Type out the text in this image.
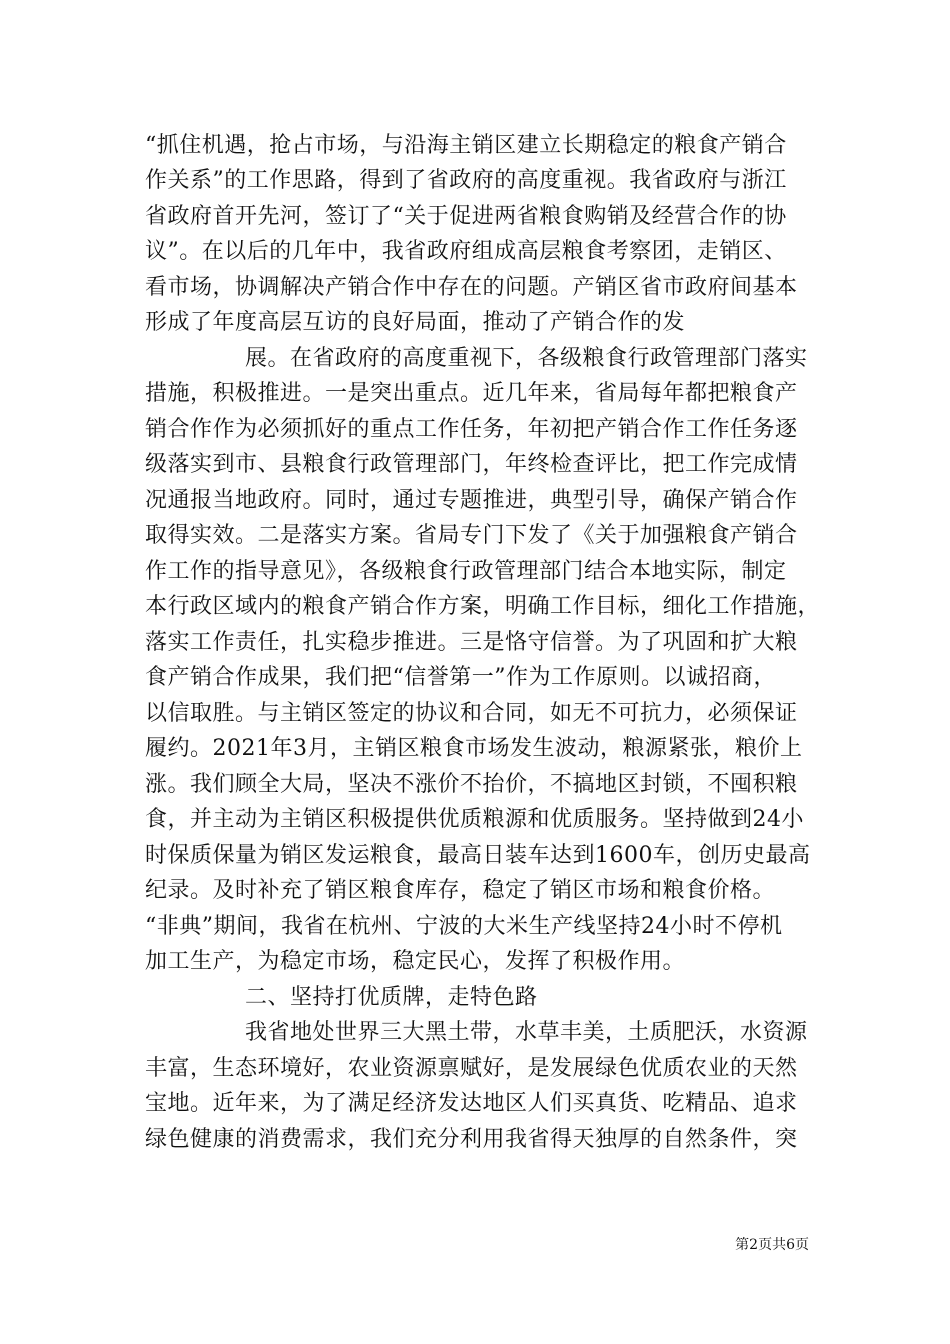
“抓住机遇，抢占市场，与沿海主销区建立长期稳定的粮食产销合
作关系”的工作思路，得到了省政府的高度重视。我省政府与浙江
省政府首开先河，签订了“关于促进两省粮食购销及经营合作的协
议”。在以后的几年中，我省政府组成高层粮食考察团，走销区、
看市场，协调解决产销合作中存在的问题。产销区省市政府间基本
形成了年度高层互访的良好局面，推动了产销合作的发
展。在省政府的高度重视下，各级粮食行政管理部门落实
措施，积极推进。一是突出重点。近几年来，省局每年都把粮食产
销合作作为必须抓好的重点工作任务，年初把产销合作工作任务逐
级落实到市、县粮食行政管理部门，年终检查评比，把工作完成情
况通报当地政府。同时，通过专题推进，典型引导，确保产销合作
取得实效。二是落实方案。省局专门下发了《关于加强粮食产销合
作工作的指导意见》，各级粮食行政管理部门结合本地实际，制定
本行政区域内的粮食产销合作方案，明确工作目标，细化工作措施，
落实工作责任，扎实稳步推进。三是恪守信誉。为了巩固和扩大粮
食产销合作成果，我们把“信誉第一”作为工作原则。以诚招商，
以信取胜。与主销区签定的协议和合同，如无不可抗力，必须保证
履约。2021年3月，主销区粮食市场发生波动，粮源紧张，粮价上
涨。我们顾全大局，坚决不涨价不抬价，不搞地区封锁，不囤积粮
食，并主动为主销区积极提供优质粮源和优质服务。坚持做到24小
时保质保量为销区发运粮食，最高日装车达到1600车，创历史最高
纪录。及时补充了销区粮食库存，稳定了销区市场和粮食价格。
“非典”期间，我省在杭州、宁波的大米生产线坚持24小时不停机
加工生产，为稳定市场，稳定民心，发挥了积极作用。
二、坚持打优质牌，走特色路
我省地处世界三大黑土带，水草丰美，土质肥沃，水资源
丰富，生态环境好，农业资源禀赋好，是发展绿色优质农业的天然
宝地。近年来，为了满足经济发达地区人们买真货、吃精品、追求
绿色健康的消费需求，我们充分利用我省得天独厚的自然条件，突
第2页共6页
